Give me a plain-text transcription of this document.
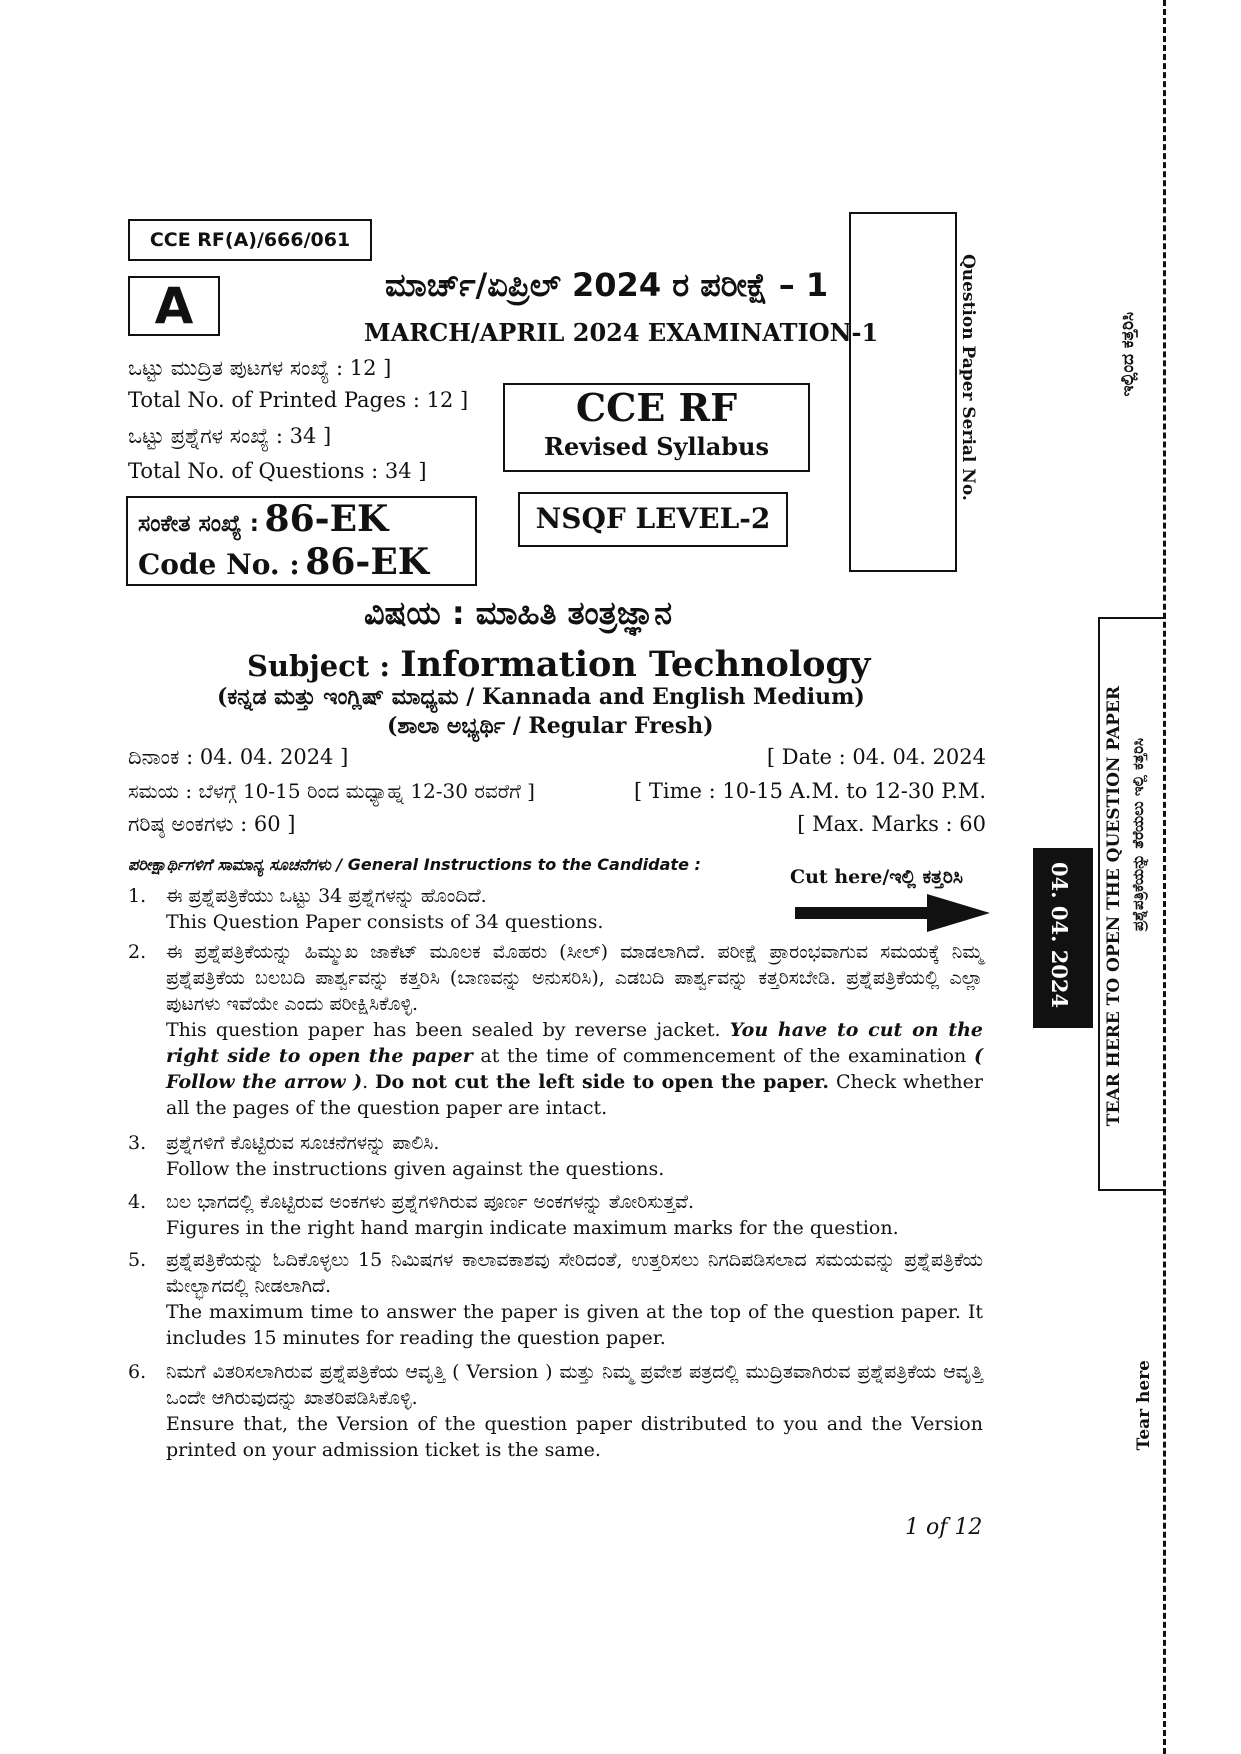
CCE RF(A)/666/061
A	ಮಾರ್ಚ್/ಏಪ್ರಿಲ್ 2024 ರ ಪರೀಕ್ಷೆ – 1
MARCH/APRIL 2024 EXAMINATION-1
ಒಟ್ಟು ಮುದ್ರಿತ ಪುಟಗಳ ಸಂಖ್ಯೆ : 12 ]
Total No. of Printed Pages : 12 ]
ಒಟ್ಟು ಪ್ರಶ್ನೆಗಳ ಸಂಖ್ಯೆ : 34 ]
Total No. of Questions : 34 ]
CCE RF
Revised Syllabus
NSQF LEVEL-2
ಸಂಕೇತ ಸಂಖ್ಯೆ : 86-EK
Code No. : 86-EK
Question Paper Serial No.
ವಿಷಯ : ಮಾಹಿತಿ ತಂತ್ರಜ್ಞಾನ
Subject : Information Technology
(ಕನ್ನಡ ಮತ್ತು ಇಂಗ್ಲಿಷ್ ಮಾಧ್ಯಮ / Kannada and English Medium)
(ಶಾಲಾ ಅಭ್ಯರ್ಥಿ / Regular Fresh)
ದಿನಾಂಕ : 04. 04. 2024 ]	[ Date : 04. 04. 2024
ಸಮಯ : ಬೆಳಗ್ಗೆ 10-15 ರಿಂದ ಮಧ್ಯಾಹ್ನ 12-30 ರವರೆಗೆ ]	[ Time : 10-15 A.M. to 12-30 P.M.
ಗರಿಷ್ಠ ಅಂಕಗಳು : 60 ]	[ Max. Marks : 60
ಪರೀಕ್ಷಾರ್ಥಿಗಳಿಗೆ ಸಾಮಾನ್ಯ ಸೂಚನೆಗಳು / General Instructions to the Candidate :
Cut here/ಇಲ್ಲಿ ಕತ್ತರಿಸಿ
1. ಈ ಪ್ರಶ್ನೆಪತ್ರಿಕೆಯು ಒಟ್ಟು 34 ಪ್ರಶ್ನೆಗಳನ್ನು ಹೊಂದಿದೆ.

This Question Paper consists of 34 questions.

2. ಈ ಪ್ರಶ್ನೆಪತ್ರಿಕೆಯನ್ನು ಹಿಮ್ಮುಖ ಜಾಕೆಟ್ ಮೂಲಕ ಮೊಹರು (ಸೀಲ್) ಮಾಡಲಾಗಿದೆ. ಪರೀಕ್ಷೆ ಪ್ರಾರಂಭವಾಗುವ ಸಮಯಕ್ಕೆ ನಿಮ್ಮ ಪ್ರಶ್ನೆಪತ್ರಿಕೆಯ ಬಲಬದಿ ಪಾರ್ಶ್ವವನ್ನು ಕತ್ತರಿಸಿ (ಬಾಣವನ್ನು ಅನುಸರಿಸಿ), ಎಡಬದಿ ಪಾರ್ಶ್ವವನ್ನು ಕತ್ತರಿಸಬೇಡಿ. ಪ್ರಶ್ನೆಪತ್ರಿಕೆಯಲ್ಲಿ ಎಲ್ಲಾ ಪುಟಗಳು ಇವೆಯೇ ಎಂದು ಪರೀಕ್ಷಿಸಿಕೊಳ್ಳಿ.

This question paper has been sealed by reverse jacket. You have to cut on the right side to open the paper at the time of commencement of the examination ( Follow the arrow ). Do not cut the left side to open the paper. Check whether all the pages of the question paper are intact.

3. ಪ್ರಶ್ನೆಗಳಿಗೆ ಕೊಟ್ಟಿರುವ ಸೂಚನೆಗಳನ್ನು ಪಾಲಿಸಿ.

Follow the instructions given against the questions.

4. ಬಲ ಭಾಗದಲ್ಲಿ ಕೊಟ್ಟಿರುವ ಅಂಕಗಳು ಪ್ರಶ್ನೆಗಳಿಗಿರುವ ಪೂರ್ಣ ಅಂಕಗಳನ್ನು ತೋರಿಸುತ್ತವೆ.

Figures in the right hand margin indicate maximum marks for the question.

5. ಪ್ರಶ್ನೆಪತ್ರಿಕೆಯನ್ನು ಓದಿಕೊಳ್ಳಲು 15 ನಿಮಿಷಗಳ ಕಾಲಾವಕಾಶವು ಸೇರಿದಂತೆ, ಉತ್ತರಿಸಲು ನಿಗದಿಪಡಿಸಲಾದ ಸಮಯವನ್ನು ಪ್ರಶ್ನೆಪತ್ರಿಕೆಯ ಮೇಲ್ಭಾಗದಲ್ಲಿ ನೀಡಲಾಗಿದೆ.

The maximum time to answer the paper is given at the top of the question paper. It includes 15 minutes for reading the question paper.

6. ನಿಮಗೆ ವಿತರಿಸಲಾಗಿರುವ ಪ್ರಶ್ನೆಪತ್ರಿಕೆಯ ಆವೃತ್ತಿ ( Version ) ಮತ್ತು ನಿಮ್ಮ ಪ್ರವೇಶ ಪತ್ರದಲ್ಲಿ ಮುದ್ರಿತವಾಗಿರುವ ಪ್ರಶ್ನೆಪತ್ರಿಕೆಯ ಆವೃತ್ತಿ ಒಂದೇ ಆಗಿರುವುದನ್ನು ಖಾತರಿಪಡಿಸಿಕೊಳ್ಳಿ.

Ensure that, the Version of the question paper distributed to you and the Version printed on your admission ticket is the same.

1 of 12
ಇಲ್ಲಿಂದ ಕತ್ತರಿಸಿ
TEAR HERE TO OPEN THE QUESTION PAPER ಪ್ರಶ್ನೆಪತ್ರಿಕೆಯನ್ನು ತೆರೆಯಲು ಇಲ್ಲಿ ಕತ್ತರಿಸಿ
04. 04. 2024
Tear here
